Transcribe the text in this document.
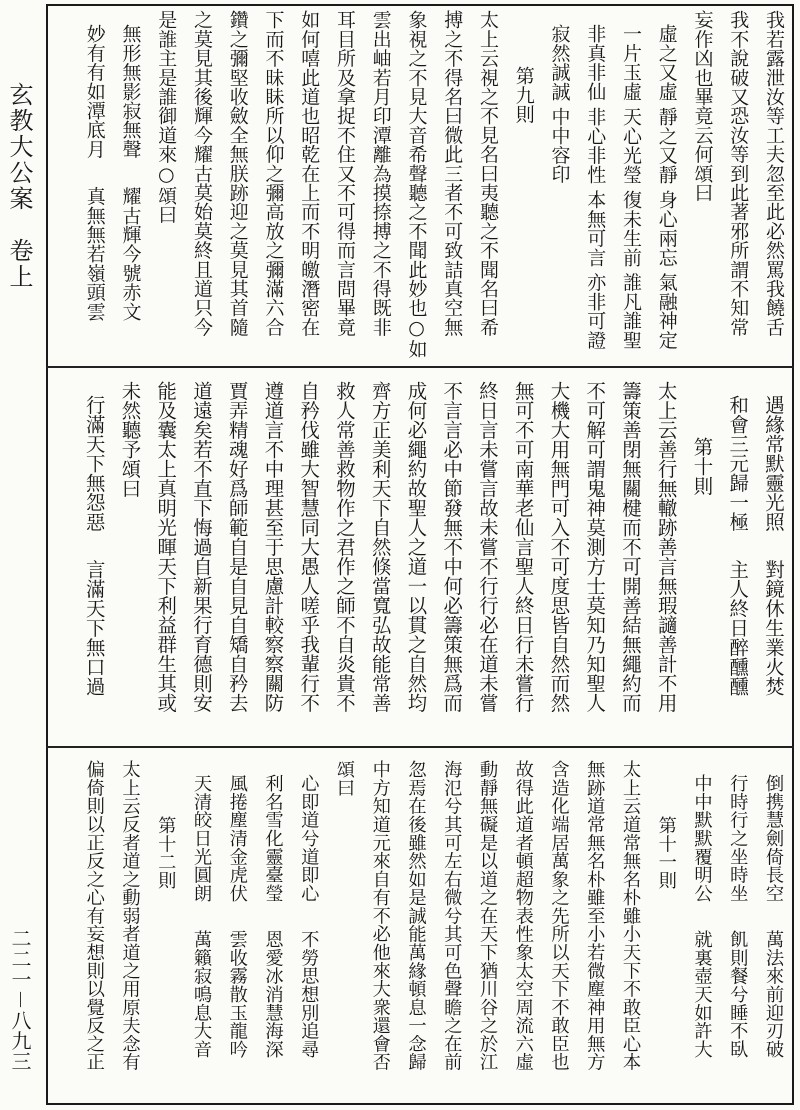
玄教大公案　卷上
二二一－八九三
我若露泄汝等工夫忽至此必然罵我饒舌
我不說破又恐汝等到此著邪所謂不知常
妄作凶也畢竟云何頌曰
虛之又虛靜之又靜身心兩忘氣融神定
一片玉虛天心光瑩復未生前誰凡誰聖
非真非仙非心非性本無可言亦非可證
寂然誠誠中中容印
第九則
太上云視之不見名曰夷聽之不聞名曰希
搏之不得名曰微此三者不可致詰真空無
象視之不見大音希聲聽之不聞此妙也○如
雲出岫若月印潭離為摸捺搏之不得既非
耳目所及拿捉不住又不可得而言問畢竟
如何嘻此道也昭乾在上而不明皦潛密在
下而不昧眛所以仰之彌高放之彌滿六合
鑽之彌堅收斂全無朕跡迎之莫見其首隨
之莫見其後輝今耀古莫始莫終且道只今
是誰主是誰御道來○頌曰
無形無影寂無聲耀古輝今號赤文
妙有有如潭底月真無無若嶺頭雲
遇緣常默靈光照對鏡休生業火焚
和會三元歸一極主人終日醉醺醺
第十則
太上云善行無轍跡善言無瑕讁善計不用
籌策善閉無關楗而不可開善結無繩約而
不可解可謂鬼神莫測方士莫知乃知聖人
大機大用無門可入不可度思皆自然而然
無可不可南華老仙言聖人終日行未嘗行
終日言未嘗言故未嘗不行行必在道未嘗
不言言必中節發無不中何必籌策無爲而
成何必繩約故聖人之道一以貫之自然均
齊方正美利天下自然倏當寬弘故能常善
救人常善救物作之君作之師不自炎貴不
自矜伐雖大智慧同大愚人嗟乎我輩行不
遵道言不中理甚至于思慮計較察察關防
賈弄精魂好爲師範自是自見自矯自矜去
道遠矣若不直下悔過自新果行育德則安
能及囊太上真明光暉天下利益群生其或
未然聽予頌曰
行滿天下無怨惡言滿天下無口過
倒携慧劍倚長空萬法來前迎刃破
行時行之坐時坐飢則餐兮睡不臥
中中默默覆明公就裏壺天如許大
第十一則
太上云道常無名朴雖小天下不敢臣心本
無跡道常無名朴雖至小若微塵神用無方
含造化端居萬象之先所以天下不敢臣也
故得此道者頓超物表性象太空周流六虛
動靜無礙是以道之在天下猶川谷之於江
海氾兮其可左右微兮其可色聲瞻之在前
忽焉在後雖然如是誠能萬緣頓息一念歸
中方知道元來自有不必他來大衆還會否
頌曰
心即道兮道即心不勞思想別追尋
利名雪化靈臺瑩恩愛冰消慧海深
風捲塵清金虎伏雲收霧散玉龍吟
天清皎日光圓朗萬籟寂鳴息大音
第十二則
太上云反者道之動弱者道之用原夫念有
偏倚則以正反之心有妄想則以覺反之正
